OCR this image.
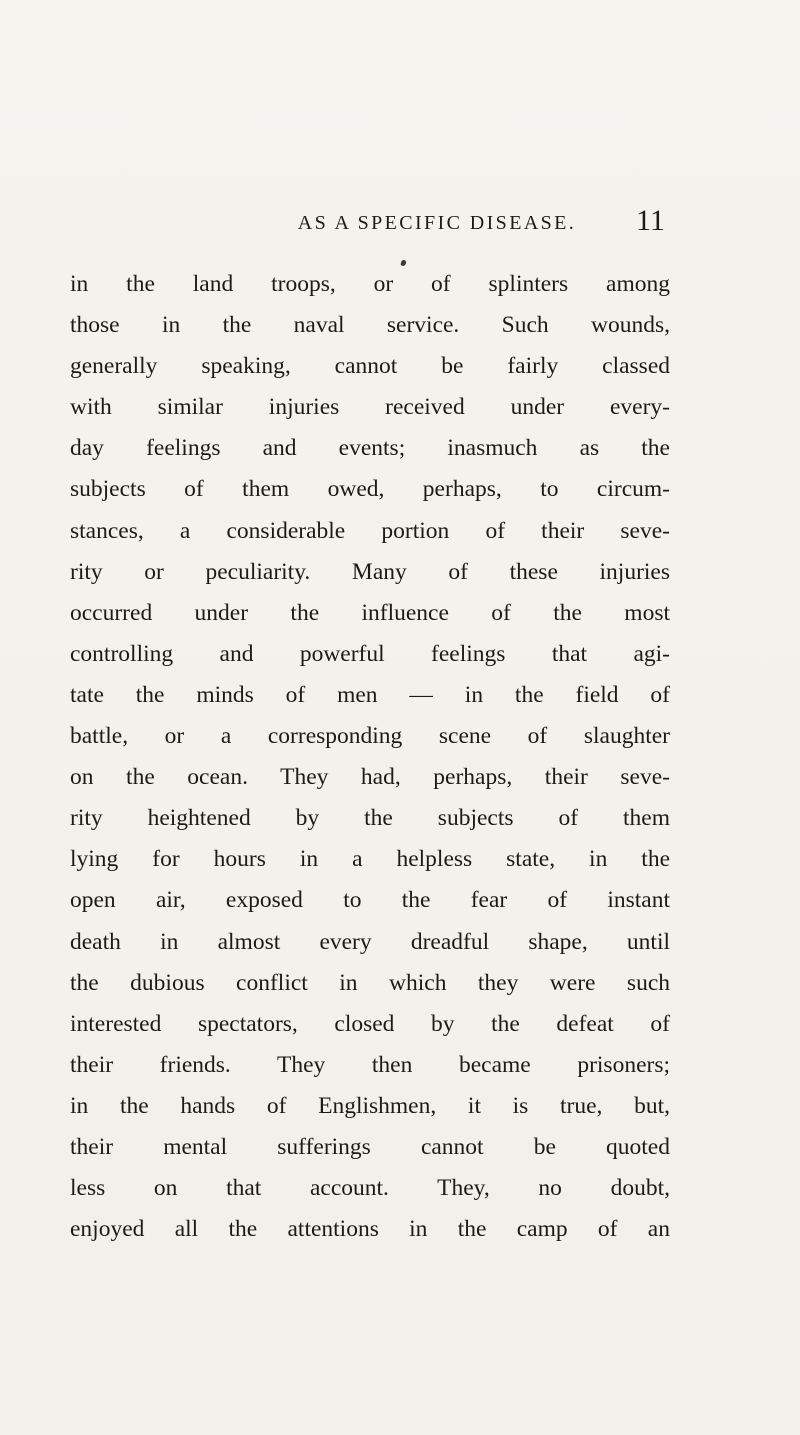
AS A SPECIFIC DISEASE.	11
in the land troops, or of splinters among
those in the naval service. Such wounds,
generally speaking, cannot be fairly classed
with similar injuries received under every-
day feelings and events; inasmuch as the
subjects of them owed, perhaps, to circum-
stances, a considerable portion of their seve-
rity or peculiarity. Many of these injuries
occurred under the influence of the most
controlling and powerful feelings that agi-
tate the minds of men — in the field of
battle, or a corresponding scene of slaughter
on the ocean. They had, perhaps, their seve-
rity heightened by the subjects of them
lying for hours in a helpless state, in the
open air, exposed to the fear of instant
death in almost every dreadful shape, until
the dubious conflict in which they were such
interested spectators, closed by the defeat of
their friends. They then became prisoners;
in the hands of Englishmen, it is true, but,
their mental sufferings cannot be quoted
less on that account. They, no doubt,
enjoyed all the attentions in the camp of an
